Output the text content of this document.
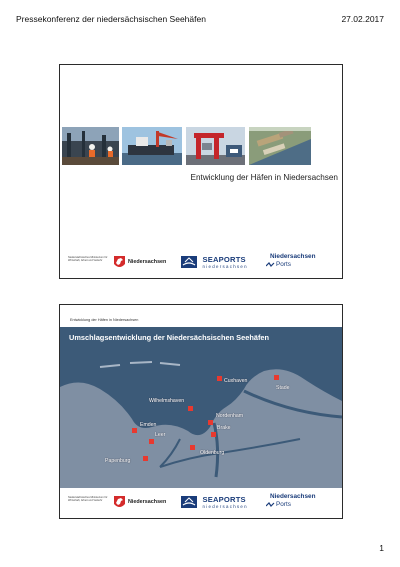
Pressekonferenz der niedersächsischen Seehäfen	27.02.2017
Entwicklung der Häfen in Niedersachsen
Niedersächsisches Ministerium für Wirtschaft, Arbeit und Verkehr	Niedersachsen
	SEAPORTS
niedersachsen
Niedersachsen
Ports
Entwicklung der Häfen in Niedersachsen
Umschlagsentwicklung der Niedersächsischen Seehäfen
Cuxhaven
Stade
Wilhelmshaven
Nordenham
Emden	Brake
Leer
Oldenburg
Papenburg
Niedersächsisches Ministerium für Wirtschaft, Arbeit und Verkehr	Niedersachsen
	SEAPORTS
niedersachsen
Niedersachsen
Ports
1
